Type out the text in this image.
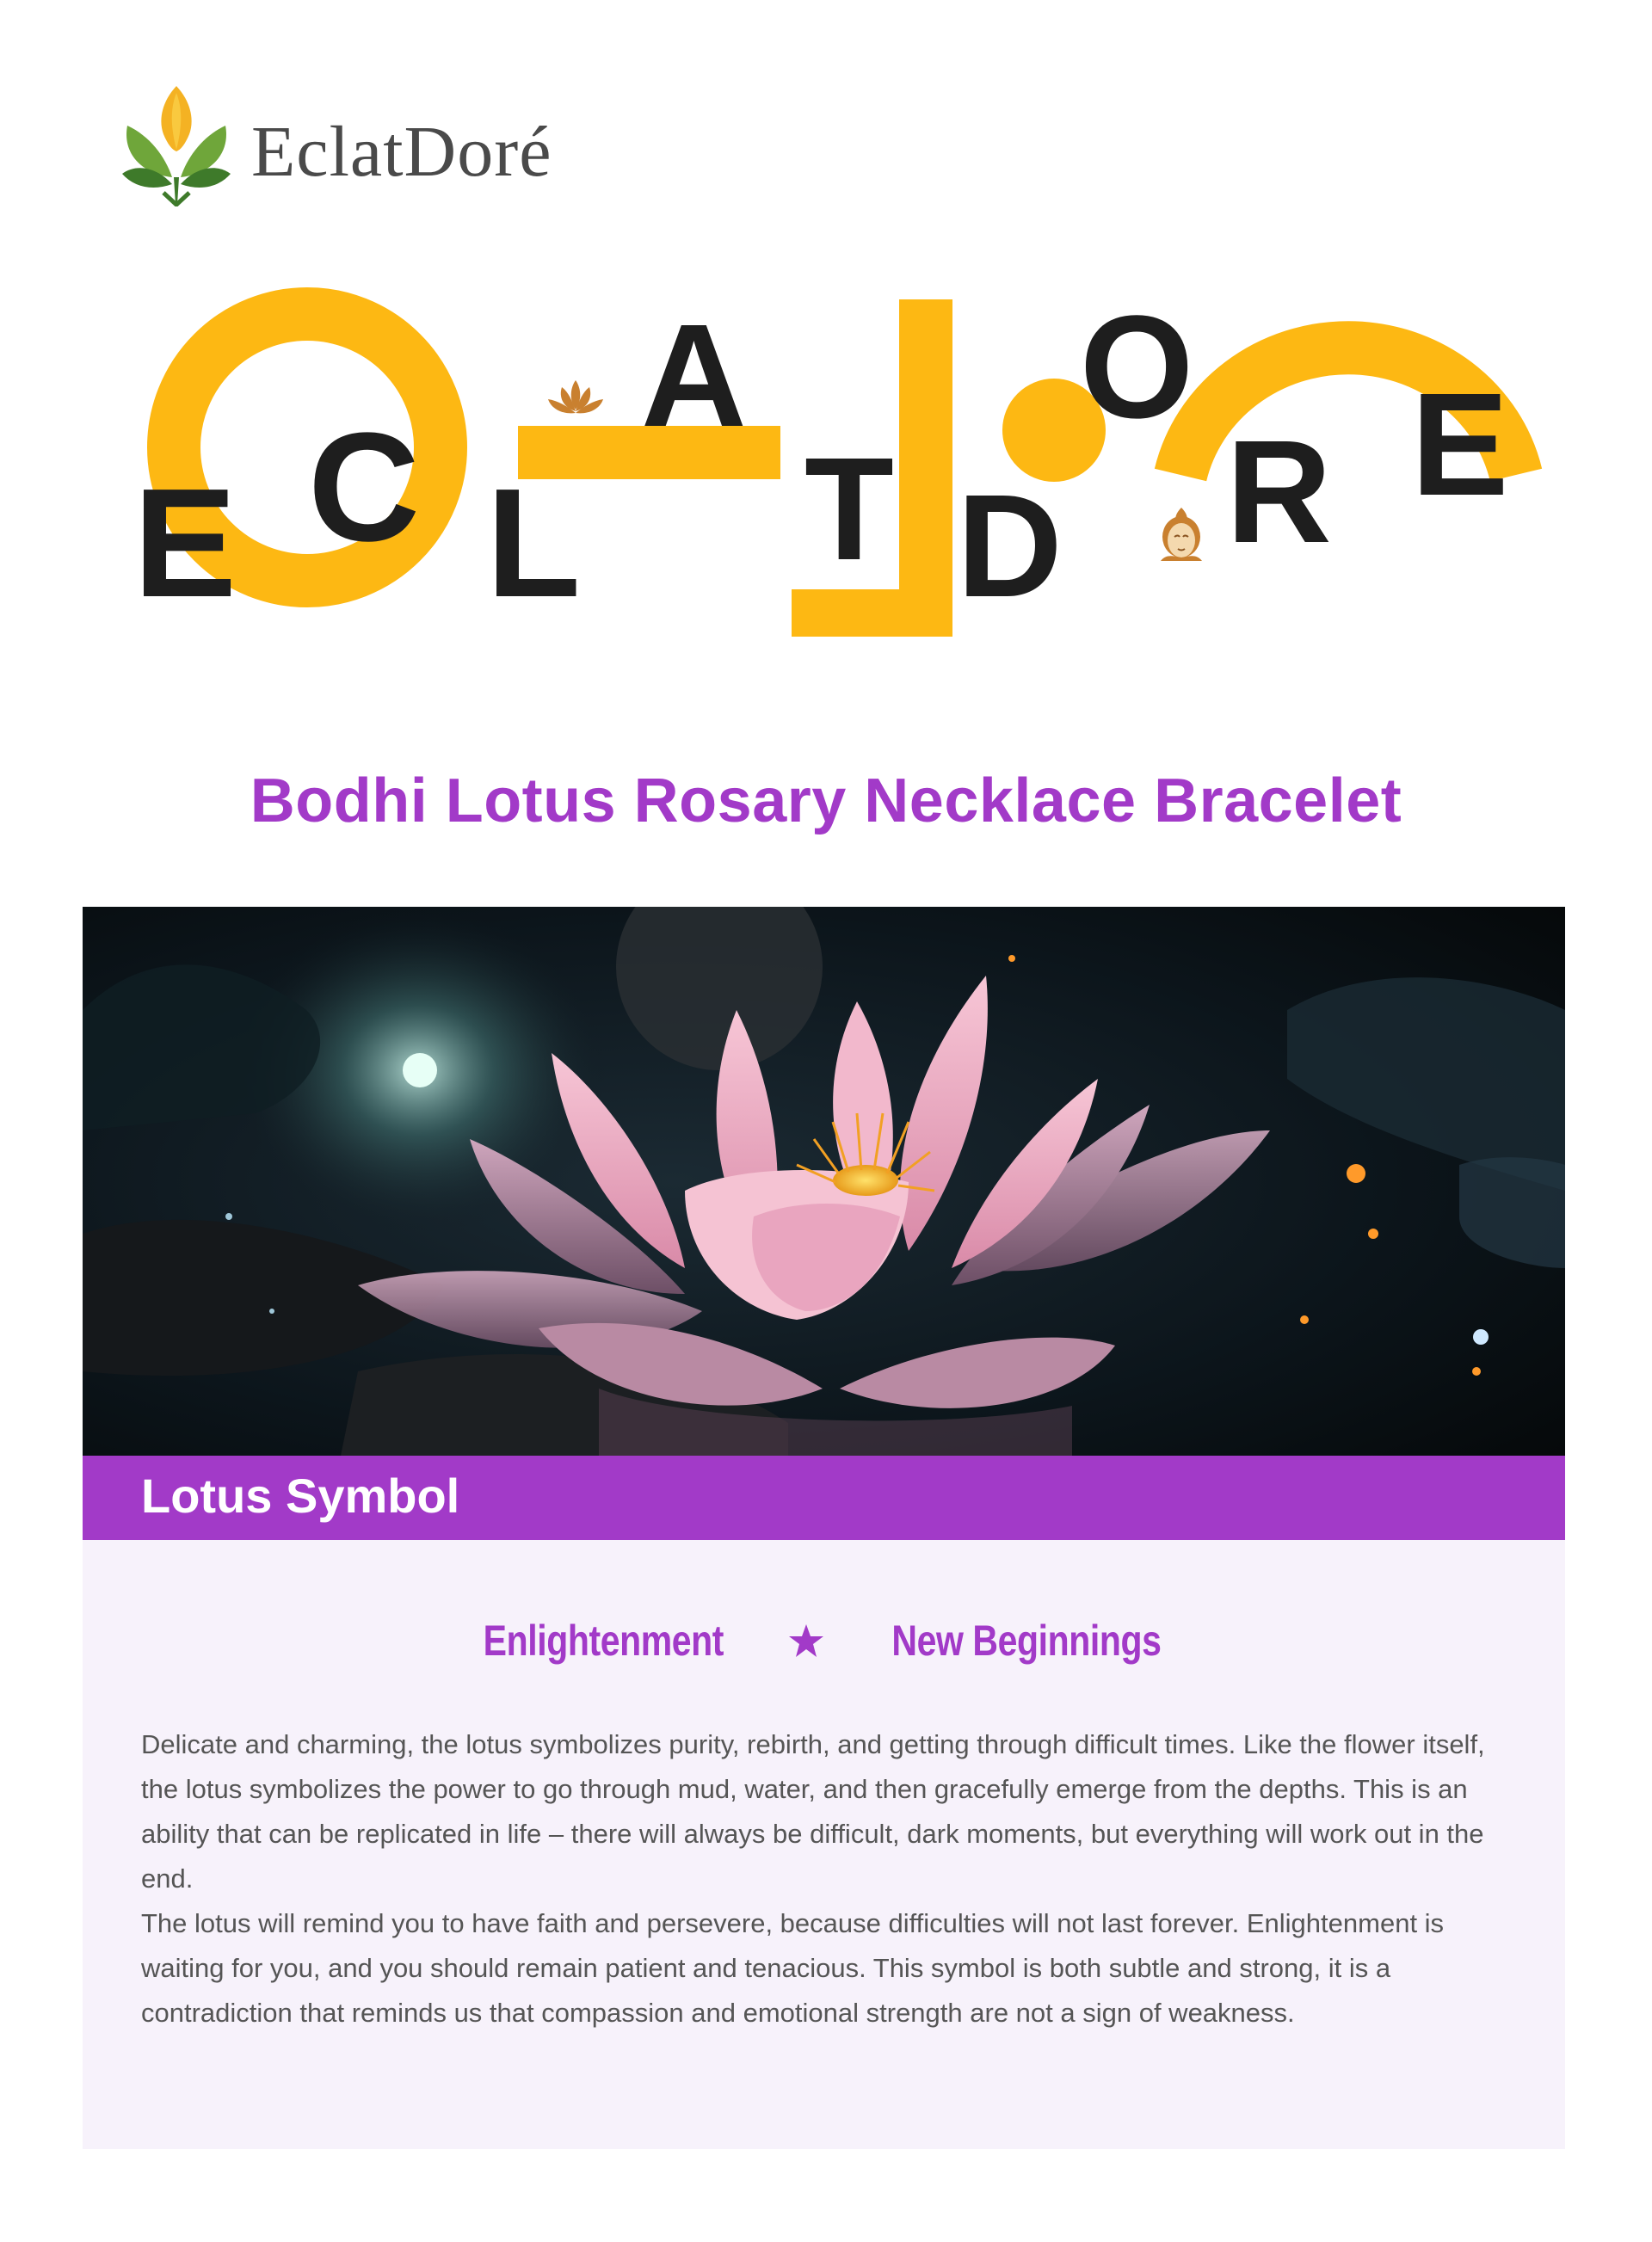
EclatDoré
E C L
A
T D
O
R E
Bodhi Lotus Rosary Necklace Bracelet
Lotus Symbol
Enlightenment	New Beginnings

Delicate and charming, the lotus symbolizes purity, rebirth, and getting through difficult times. Like the flower itself, the lotus symbolizes the power to go through mud, water, and then gracefully emerge from the depths. This is an ability that can be replicated in life – there will always be difficult, dark moments, but everything will work out in the end.

The lotus will remind you to have faith and persevere, because difficulties will not last forever. Enlightenment is waiting for you, and you should remain patient and tenacious. This symbol is both subtle and strong, it is a contradiction that reminds us that compassion and emotional strength are not a sign of weakness.
